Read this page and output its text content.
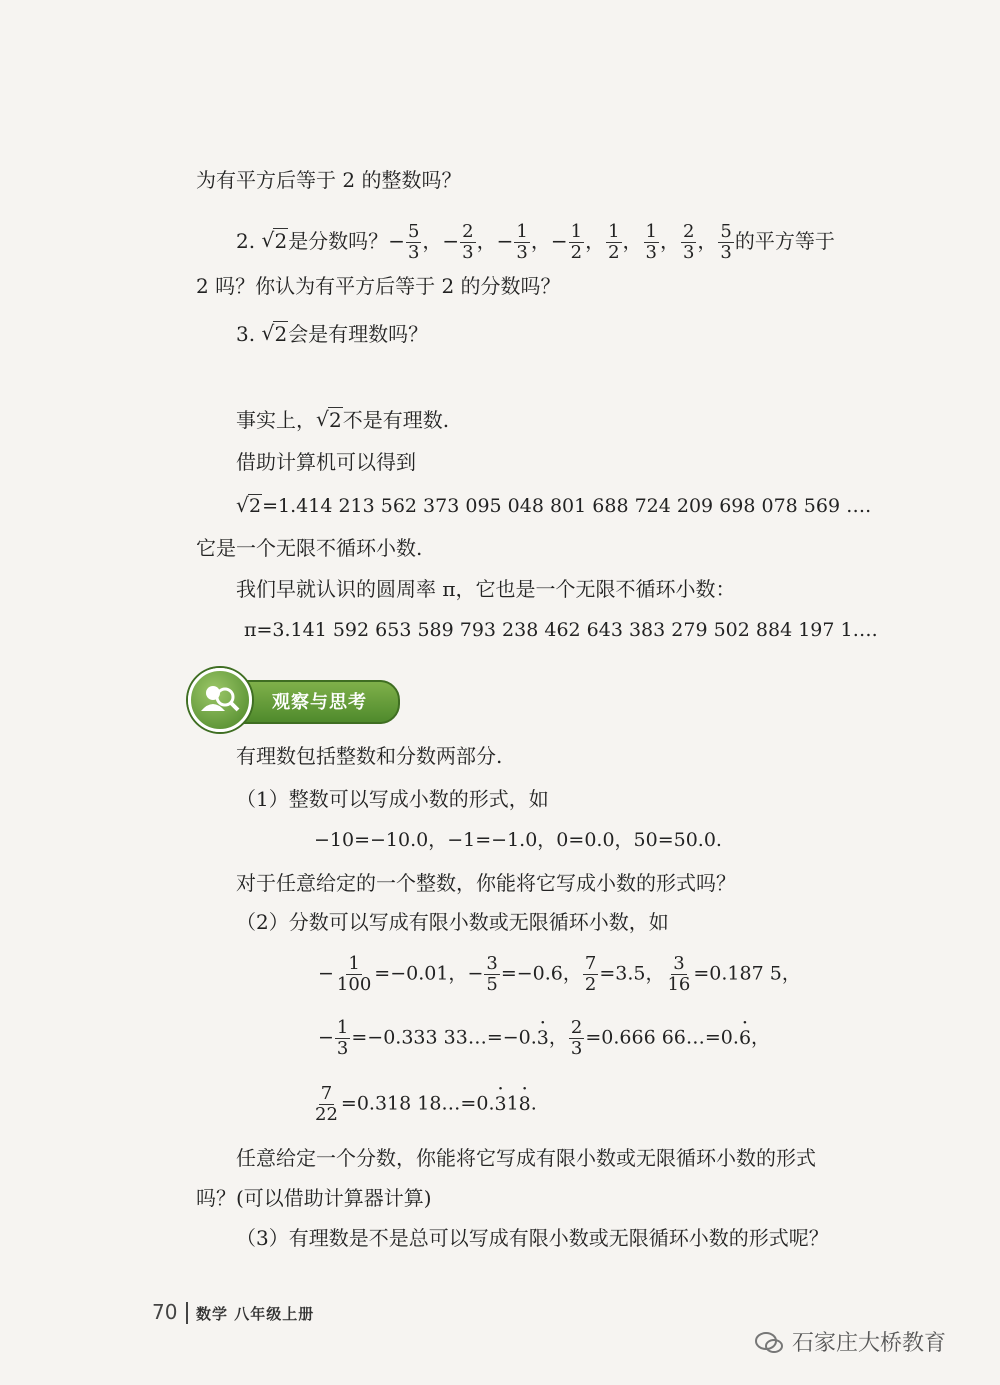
为有平方后等于 2 的整数吗？
2. √ 2是分数吗？− $\frac{5}{3}$ ，− $\frac{2}{3}$ ，− $\frac{1}{3}$ ，− $\frac{1}{2}$ ， $\frac{1}{2}$ ， $\frac{1}{3}$ ， $\frac{2}{3}$ ， $\frac{5}{3}$ 的平方等于
2 吗？你认为有平方后等于 2 的分数吗？
3. √ 2会是有理数吗？
事实上， √ 2不是有理数.
借助计算机可以得到
√ 2=1.414 213 562 373 095 048 801 688 724 209 698 078 569 ….
它是一个无限不循环小数.
我们早就认识的圆周率 π，它也是一个无限不循环小数：
π=3.141 592 653 589 793 238 462 643 383 279 502 884 197 1….
观察与思考
有理数包括整数和分数两部分.
（1）整数可以写成小数的形式，如
−10=−10.0，−1=−1.0，0=0.0，50=50.0.
对于任意给定的一个整数，你能将它写成小数的形式吗？
（2）分数可以写成有限小数或无限循环小数，如
− $\frac{1}{100} =-0.01$，− $\frac{3}{5} =-0.6$， $\frac{7}{2} =3.5$， $\frac{3}{16} =0.187$ 5，
− $\frac{1}{3} =-0.333$ 33…=−0.· 3， $\frac{2}{3} =0.666$ 66…=0.· 6，
$\frac{7}{22} =0.318$ 18…=0.· 31· 8.
任意给定一个分数，你能将它写成有限小数或无限循环小数的形式
吗？(可以借助计算器计算)
（3）有理数是不是总可以写成有限小数或无限循环小数的形式呢？
70 数学 八年级上册
石家庄大桥教育
